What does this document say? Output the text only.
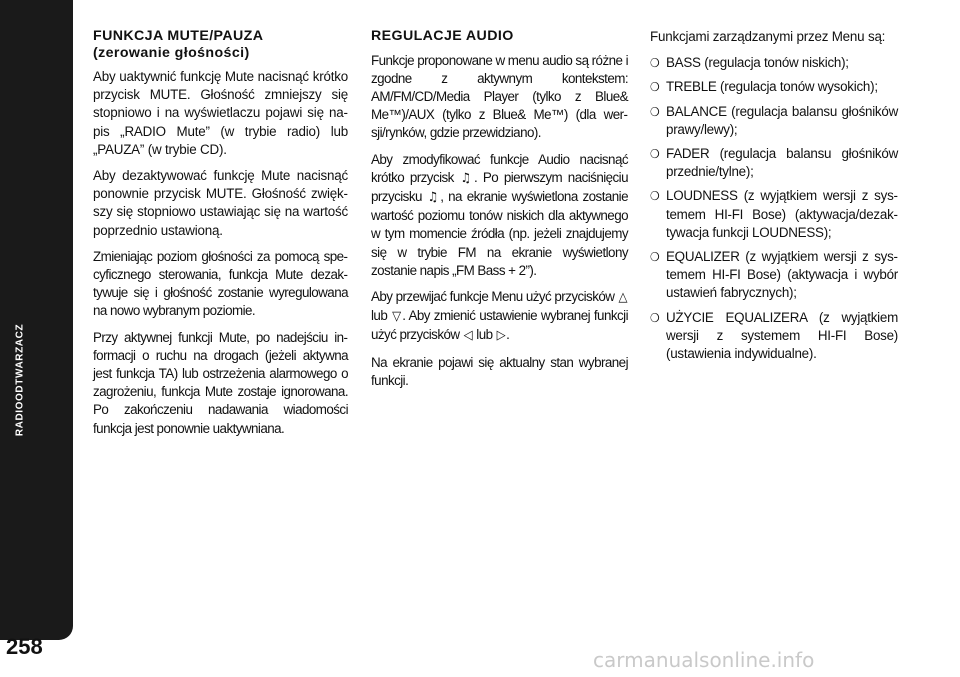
RADIOODTWARZACZ
258
FUNKCJA MUTE/PAUZA
(zerowanie głośności)

Aby uaktywnić funkcję Mute nacisnąć krótko przycisk MUTE. Głośność zmniejszy się stopniowo i na wyświetlaczu pojawi się napis „RADIO Mute” (w trybie radio) lub „PAUZA” (w trybie CD).

Aby dezaktywować funkcję Mute nacisnąć ponownie przycisk MUTE. Głośność zwiększy się stopniowo ustawiając się na wartość poprzednio ustawioną.

Zmieniając poziom głośności za pomocą specyficznego sterowania, funkcja Mute dezaktywuje się i głośność zostanie wyregulowana na nowo wybranym poziomie.

Przy aktywnej funkcji Mute, po nadejściu informacji o ruchu na drogach (jeżeli aktywna jest funkcja TA) lub ostrzeżenia alarmowego o zagrożeniu, funkcja Mute zostaje ignorowana. Po zakończeniu nadawania wiadomości funkcja jest ponownie uaktywniana.

REGULACJE AUDIO

Funkcje proponowane w menu audio są różne i zgodne z aktywnym kontekstem: AM/FM/CD/Media Player (tylko z Blue& Me™)/AUX (tylko z Blue& Me™) (dla wersji/rynków, gdzie przewidziano).

Aby zmodyfikować funkcje Audio nacisnąć krótko przycisk ♫. Po pierwszym naciśnięciu przycisku ♫, na ekranie wyświetlona zostanie wartość poziomu tonów niskich dla aktywnego w tym momencie źródła (np. jeżeli znajdujemy się w trybie FM na ekranie wyświetlony zostanie napis „FM Bass + 2”).

Aby przewijać funkcje Menu użyć przycisków △ lub ▽. Aby zmienić ustawienie wybranej funkcji użyć przycisków ◁ lub ▷.

Na ekranie pojawi się aktualny stan wybranej funkcji.

Funkcjami zarządzanymi przez Menu są:

❍ BASS (regulacja tonów niskich);
❍ TREBLE (regulacja tonów wysokich);
❍ BALANCE (regulacja balansu głośników prawy/lewy);
❍ FADER (regulacja balansu głośników przednie/tylne);
❍ LOUDNESS (z wyjątkiem wersji z systemem HI-FI Bose) (aktywacja/dezaktywacja funkcji LOUDNESS);
❍ EQUALIZER (z wyjątkiem wersji z systemem HI-FI Bose) (aktywacja i wybór ustawień fabrycznych);
❍ UŻYCIE EQUALIZERA (z wyjątkiem wersji z systemem HI-FI Bose) (ustawienia indywidualne).
carmanualsonline.info
